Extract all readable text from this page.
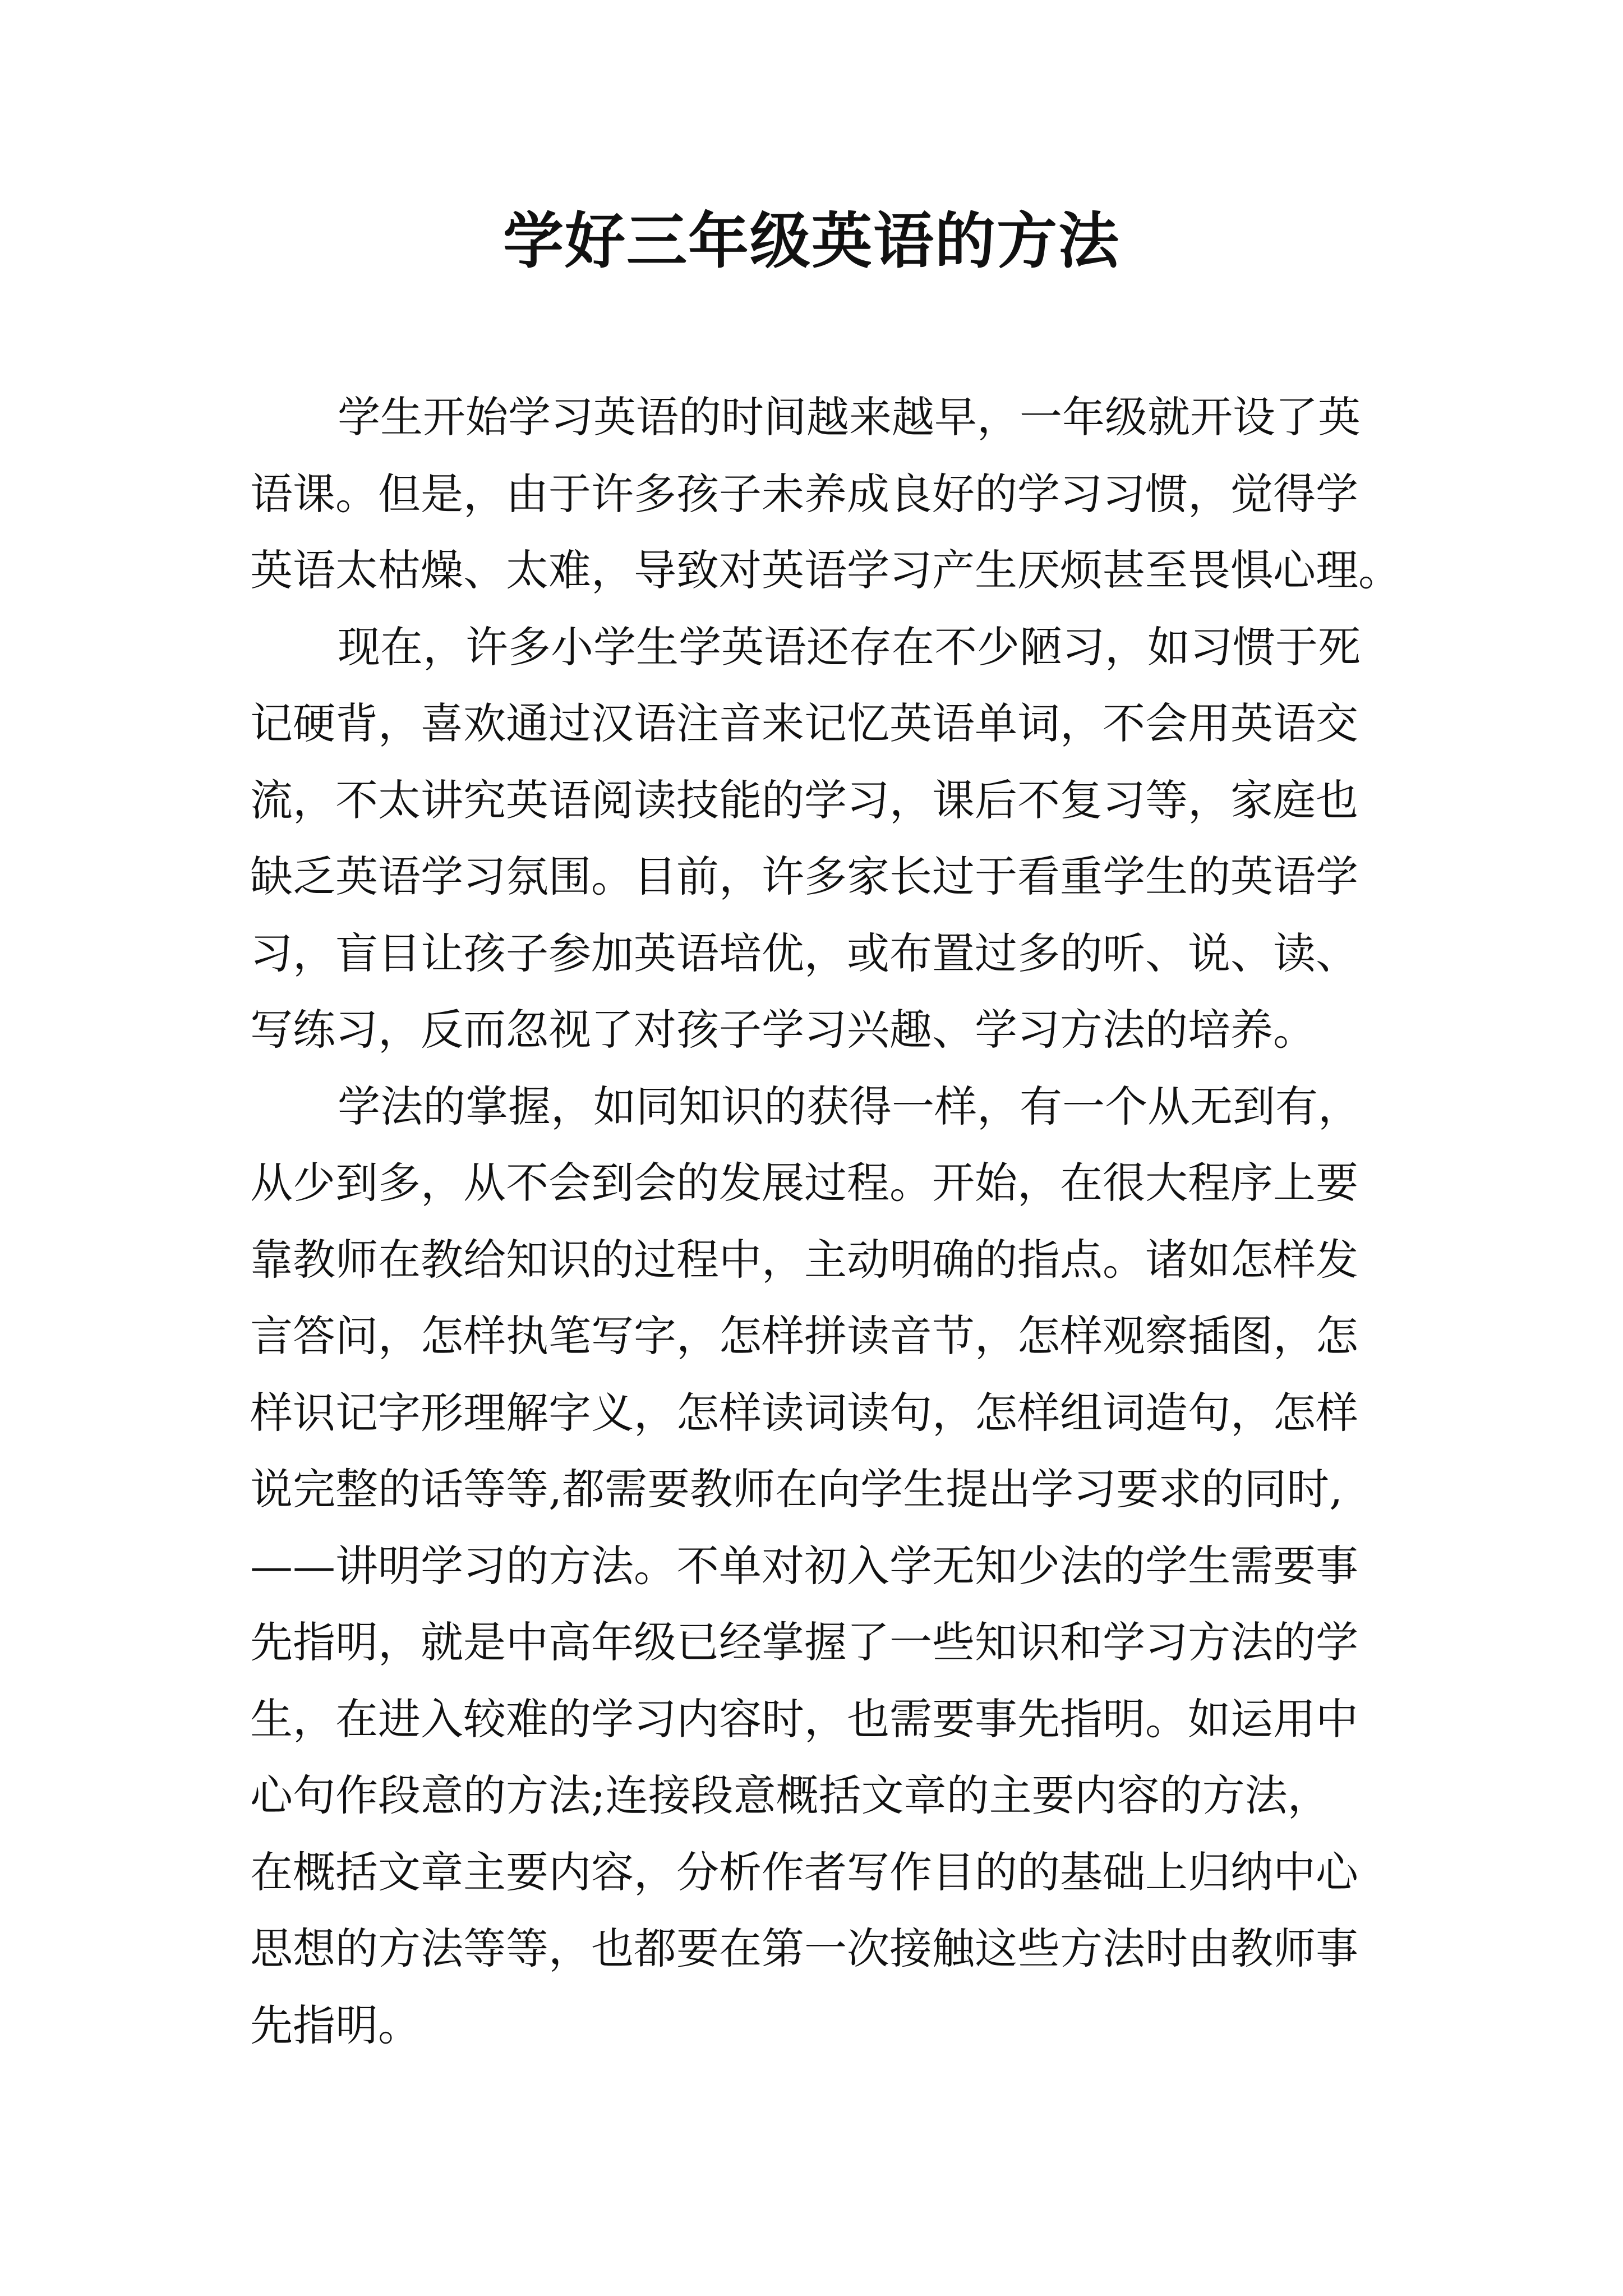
学好三年级英语的方法
学生开始学习英语的时间越来越早，一年级就开设了英
语课。但是，由于许多孩子未养成良好的学习习惯，觉得学
英语太枯燥、太难，导致对英语学习产生厌烦甚至畏惧心理。
现在，许多小学生学英语还存在不少陋习，如习惯于死
记硬背，喜欢通过汉语注音来记忆英语单词，不会用英语交
流，不太讲究英语阅读技能的学习，课后不复习等，家庭也
缺乏英语学习氛围。目前，许多家长过于看重学生的英语学
习，盲目让孩子参加英语培优，或布置过多的听、说、读、
写练习，反而忽视了对孩子学习兴趣、学习方法的培养。
学法的掌握，如同知识的获得一样，有一个从无到有，
从少到多，从不会到会的发展过程。开始，在很大程序上要
靠教师在教给知识的过程中，主动明确的指点。诸如怎样发
言答问，怎样执笔写字，怎样拼读音节，怎样观察插图，怎
样识记字形理解字义，怎样读词读句，怎样组词造句，怎样
说完整的话等等,都需要教师在向学生提出学习要求的同时,
——讲明学习的方法。不单对初入学无知少法的学生需要事
先指明，就是中高年级已经掌握了一些知识和学习方法的学
生，在进入较难的学习内容时，也需要事先指明。如运用中
心句作段意的方法;连接段意概括文章的主要内容的方法，
在概括文章主要内容，分析作者写作目的的基础上归纳中心
思想的方法等等，也都要在第一次接触这些方法时由教师事
先指明。
